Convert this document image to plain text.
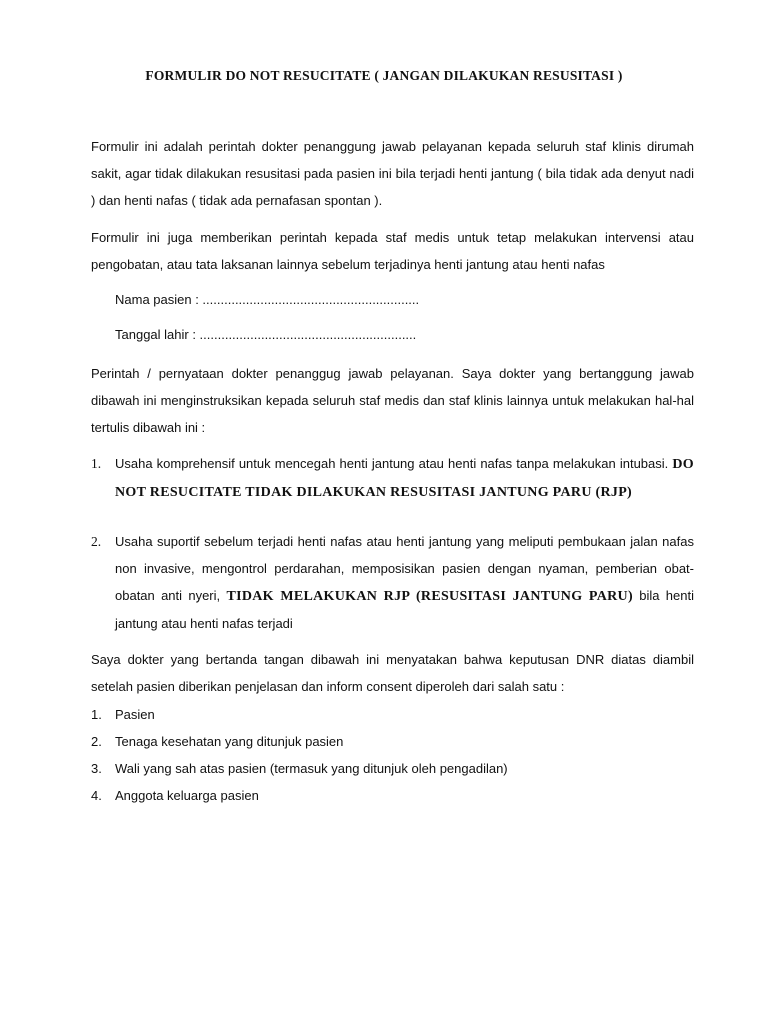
FORMULIR DO NOT RESUCITATE ( JANGAN DILAKUKAN RESUSITASI )
Formulir ini adalah perintah dokter penanggung jawab pelayanan kepada seluruh staf klinis dirumah sakit, agar tidak dilakukan resusitasi pada pasien ini bila terjadi henti jantung ( bila tidak ada denyut nadi ) dan henti nafas ( tidak ada pernafasan spontan ).
Formulir ini juga memberikan perintah kepada staf medis untuk tetap melakukan intervensi atau pengobatan, atau tata laksanan lainnya sebelum terjadinya henti jantung atau henti nafas
Nama pasien : ............................................................
Tanggal lahir : ............................................................
Perintah / pernyataan dokter penanggug jawab pelayanan. Saya dokter yang bertanggung jawab dibawah ini menginstruksikan kepada seluruh staf medis dan staf klinis lainnya untuk melakukan hal-hal tertulis dibawah ini :
1. Usaha komprehensif untuk mencegah henti jantung atau henti nafas tanpa melakukan intubasi. DO NOT RESUCITATE TIDAK DILAKUKAN RESUSITASI JANTUNG PARU (RJP)
2. Usaha suportif sebelum terjadi henti nafas atau henti jantung yang meliputi pembukaan jalan nafas non invasive, mengontrol perdarahan, memposisikan pasien dengan nyaman, pemberian obat-obatan anti nyeri, TIDAK MELAKUKAN RJP (RESUSITASI JANTUNG PARU) bila henti jantung atau henti nafas terjadi
Saya dokter yang bertanda tangan dibawah ini menyatakan bahwa keputusan DNR diatas diambil setelah pasien diberikan penjelasan dan inform consent diperoleh dari salah satu :
1. Pasien
2. Tenaga kesehatan yang ditunjuk pasien
3. Wali yang sah atas pasien (termasuk yang ditunjuk oleh pengadilan)
4. Anggota keluarga pasien
